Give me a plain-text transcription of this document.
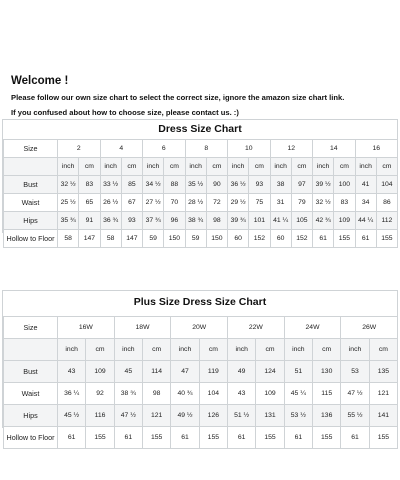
Welcome !
Please follow our own size chart to select the correct size, ignore the amazon size chart link.
If you confused about how to choose size, please contact us. :)
Dress Size Chart
Size	2		4		6		8		10		12		14		16	
	inch	cm	inch	cm	inch	cm	inch	cm	inch	cm	inch	cm	inch	cm	inch	cm
Bust	32 ½	83	33 ½	85	34 ½	88	35 ½	90	36 ½	93	38	97	39 ½	100	41	104
Waist	25 ½	65	26 ½	67	27 ½	70	28 ½	72	29 ½	75	31	79	32 ½	83	34	86
Hips	35 ¾	91	36 ¾	93	37 ¾	96	38 ¾	98	39 ¾	101	41 ¼	105	42 ¾	109	44 ¼	112
Hollow to Floor	58	147	58	147	59	150	59	150	60	152	60	152	61	155	61	155
Plus Size Dress Size Chart
Size	16W		18W		20W		22W		24W		26W	
	inch	cm	inch	cm	inch	cm	inch	cm	inch	cm	inch	cm
Bust	43	109	45	114	47	119	49	124	51	130	53	135
Waist	36 ¼	92	38 ¾	98	40 ¾	104	43	109	45 ¼	115	47 ½	121
Hips	45 ½	116	47 ½	121	49 ½	126	51 ½	131	53 ½	136	55 ½	141
Hollow to Floor	61	155	61	155	61	155	61	155	61	155	61	155
